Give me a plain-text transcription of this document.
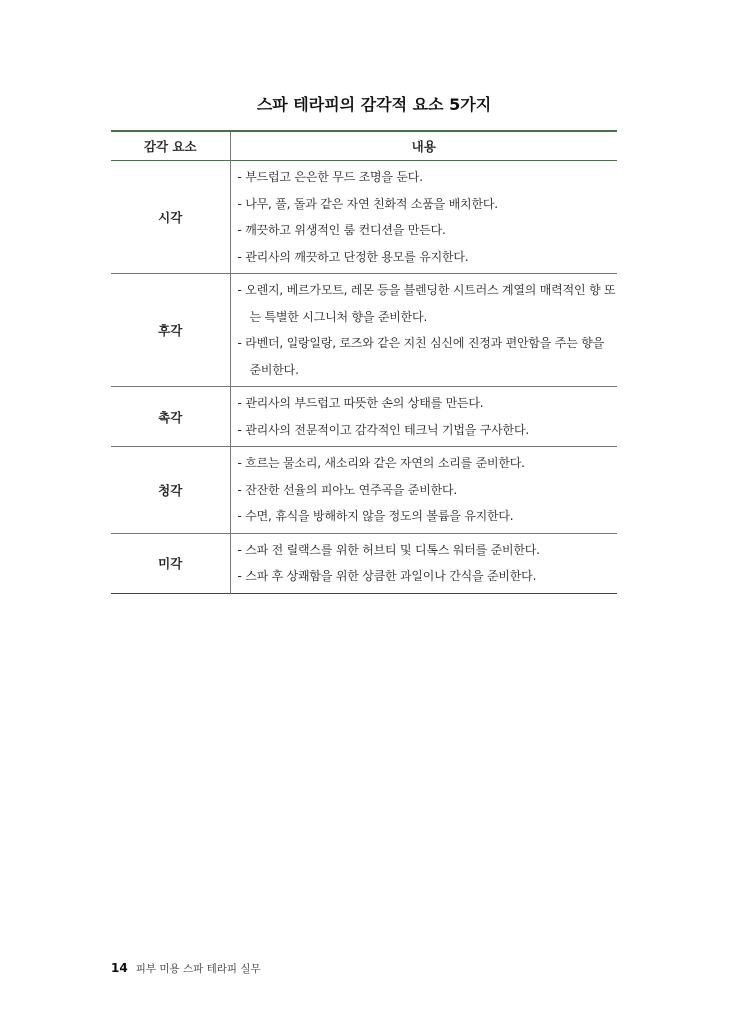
스파 테라피의 감각적 요소 5가지
감각 요소	내용
시각	- 부드럽고 은은한 무드 조명을 둔다.
- 나무, 풀, 돌과 같은 자연 친화적 소품을 배치한다.
- 깨끗하고 위생적인 룸 컨디션을 만든다.
- 관리사의 깨끗하고 단정한 용모를 유지한다.

후각	- 오렌지, 베르가모트, 레몬 등을 블렌딩한 시트러스 계열의 매력적인 향 또는 특별한 시그니처 향을 준비한다.
- 라벤더, 일랑일랑, 로즈와 같은 지친 심신에 진정과 편안함을 주는 향을 준비한다.

촉각	- 관리사의 부드럽고 따뜻한 손의 상태를 만든다.
- 관리사의 전문적이고 감각적인 테크닉 기법을 구사한다.

청각	- 흐르는 물소리, 새소리와 같은 자연의 소리를 준비한다.
- 잔잔한 선율의 피아노 연주곡을 준비한다.
- 수면, 휴식을 방해하지 않을 정도의 볼륨을 유지한다.

미각	- 스파 전 릴랙스를 위한 허브티 및 디톡스 워터를 준비한다.
- 스파 후 상쾌함을 위한 상큼한 과일이나 간식을 준비한다.
14 피부 미용 스파 테라피 실무
